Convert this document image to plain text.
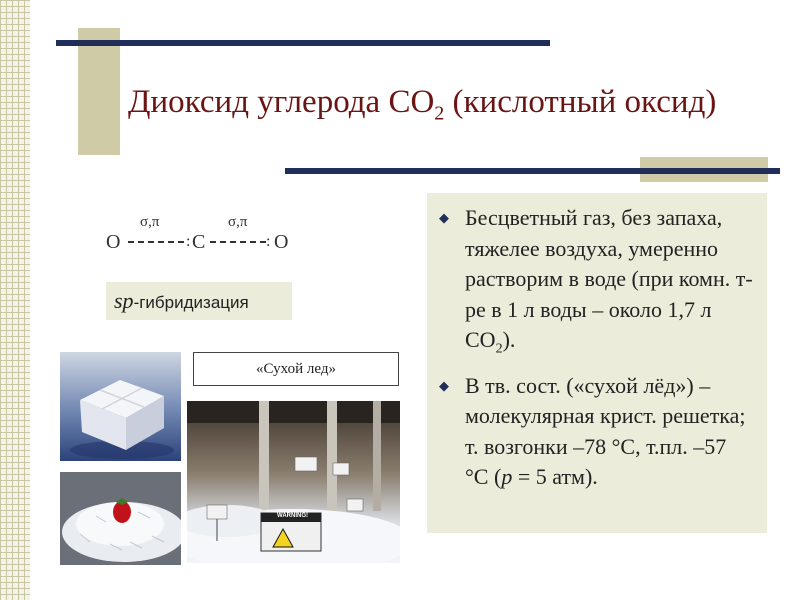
Диоксид углерода $CO_2$ (кислотный оксид)
O
σ,π
: C
σ,π
: O
sp-гибридизация
«Сухой лед»
WARNING!
◆ Бесцветный газ, без запаха, тяжелее воздуха, умеренно растворим в воде (при комн. т-ре в 1 л воды – около 1,7 л $CO_2$).
◆ В тв. сост. («сухой лёд») – молекулярная крист. решетка; т. возгонки –78 °С, т.пл. –57 °С (p = 5 атм).
